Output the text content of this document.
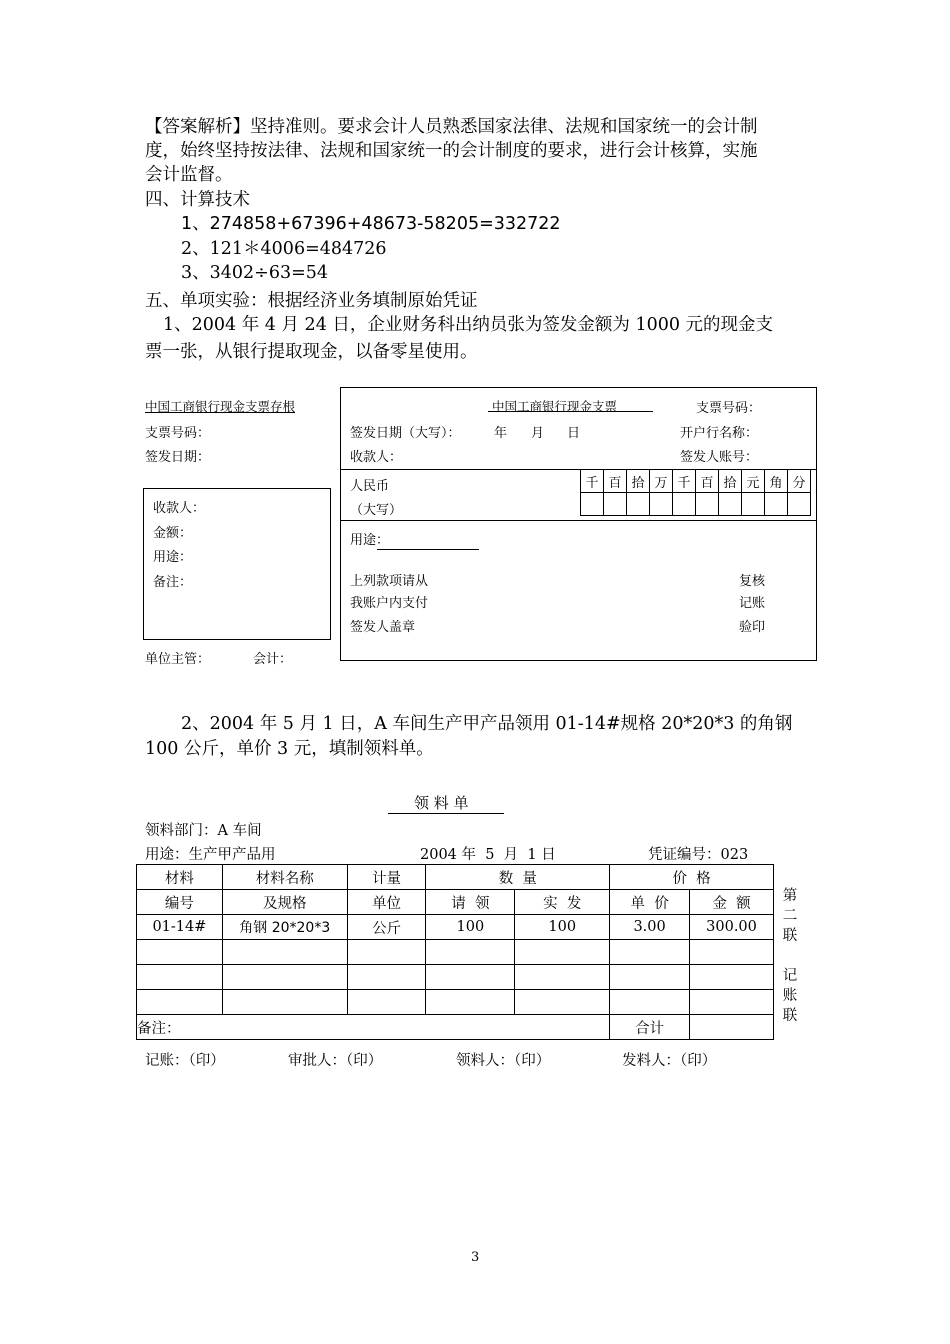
【答案解析】坚持准则。要求会计人员熟悉国家法律、法规和国家统一的会计制
度，始终坚持按法律、法规和国家统一的会计制度的要求，进行会计核算，实施
会计监督。
四、计算技术
1、274858+67396+48673-58205=332722
2、121＊4006=484726
3、3402÷63=54
五、单项实验：根据经济业务填制原始凭证
1、2004 年 4 月 24 日，企业财务科出纳员张为签发金额为 1000 元的现金支
票一张，从银行提取现金，以备零星使用。
中国工商银行现金支票存根
支票号码：
签发日期：
收款人：
金额：
用途：
备注：
单位主管：	会计：
中国工商银行现金支票	支票号码：
签发日期（大写）：	年 月 日	开户行名称：
收款人：	签发人账号：
人民币
（大写）
千	百	拾	万	千	百	拾	元	角	分

用途：
上列款项请从
我账户内支付
签发人盖章
复核
记账
验印
2、2004 年 5 月 1 日，A 车间生产甲产品领用 01-14#规格 20*20*3 的角钢
100 公斤，单价 3 元，填制领料单。
领 料 单
领料部门：A 车间
用途：生产甲产品用	2004 年  5  月  1 日	凭证编号：023
材料	材料名称	计量	数  量		价  格	
编号	及规格	单位	请  领	实  发	单  价	金  额
01-14#	角钢 20*20*3	公斤	100	100	3.00	300.00

备注：					合计	
第二联
记账联
记账：（印）	审批人：（印）	领料人：（印）	发料人：（印）
3
